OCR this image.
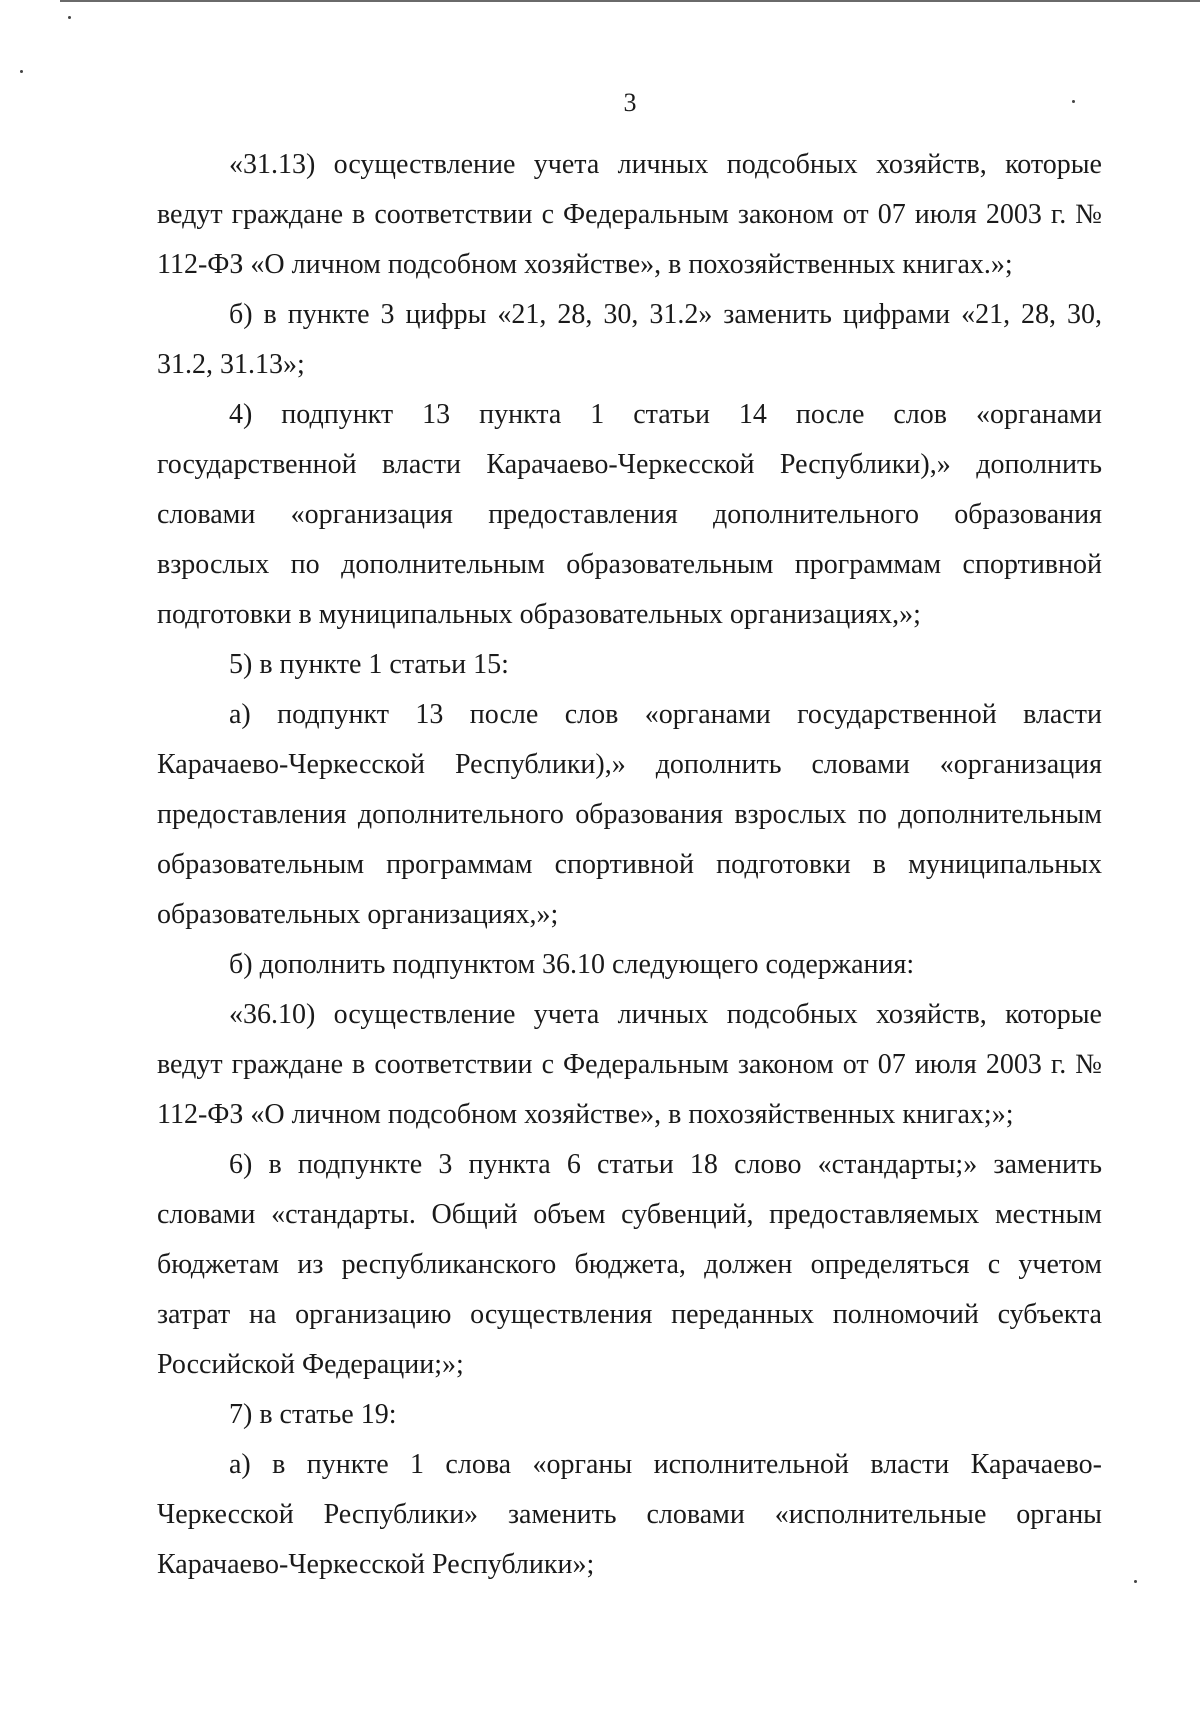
3

«31.13) осуществление учета личных подсобных хозяйств, которые ведут граждане в соответствии с Федеральным законом от 07 июля 2003 г. № 112-ФЗ «О личном подсобном хозяйстве», в похозяйственных книгах.»;

б) в пункте 3 цифры «21, 28, 30, 31.2» заменить цифрами «21, 28, 30, 31.2, 31.13»;

4) подпункт 13 пункта 1 статьи 14 после слов «органами государственной власти Карачаево-Черкесской Республики),» дополнить словами «организация предоставления дополнительного образования взрослых по дополнительным образовательным программам спортивной подготовки в муниципальных образовательных организациях,»;

5) в пункте 1 статьи 15:

а) подпункт 13 после слов «органами государственной власти Карачаево-Черкесской Республики),» дополнить словами «организация предоставления дополнительного образования взрослых по дополнительным образовательным программам спортивной подготовки в муниципальных образовательных организациях,»;

б) дополнить подпунктом 36.10 следующего содержания:

«36.10) осуществление учета личных подсобных хозяйств, которые ведут граждане в соответствии с Федеральным законом от 07 июля 2003 г. № 112-ФЗ «О личном подсобном хозяйстве», в похозяйственных книгах;»;

6) в подпункте 3 пункта 6 статьи 18 слово «стандарты;» заменить словами «стандарты. Общий объем субвенций, предоставляемых местным бюджетам из республиканского бюджета, должен определяться с учетом затрат на организацию осуществления переданных полномочий субъекта Российской Федерации;»;

7) в статье 19:

а) в пункте 1 слова «органы исполнительной власти Карачаево-Черкесской Республики» заменить словами «исполнительные органы Карачаево-Черкесской Республики»;
